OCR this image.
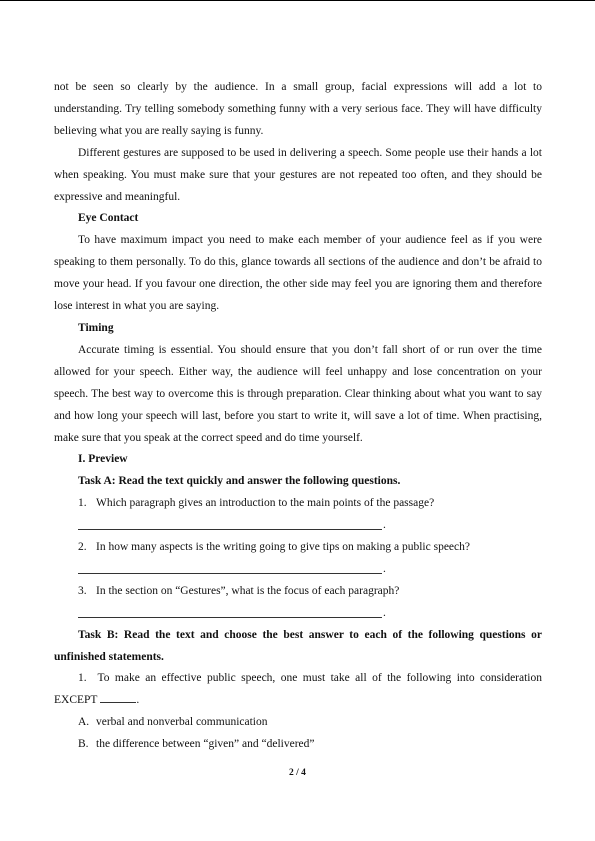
not be seen so clearly by the audience. In a small group, facial expressions will add a lot to understanding. Try telling somebody something funny with a very serious face. They will have difficulty believing what you are really saying is funny.

Different gestures are supposed to be used in delivering a speech. Some people use their hands a lot when speaking. You must make sure that your gestures are not repeated too often, and they should be expressive and meaningful.

Eye Contact

To have maximum impact you need to make each member of your audience feel as if you were speaking to them personally. To do this, glance towards all sections of the audience and don’t be afraid to move your head. If you favour one direction, the other side may feel you are ignoring them and therefore lose interest in what you are saying.

Timing

Accurate timing is essential. You should ensure that you don’t fall short of or run over the time allowed for your speech. Either way, the audience will feel unhappy and lose concentration on your speech. The best way to overcome this is through preparation. Clear thinking about what you want to say and how long your speech will last, before you start to write it, will save a lot of time. When practising, make sure that you speak at the correct speed and do time yourself.

I. Preview

Task A: Read the text quickly and answer the following questions.

1. Which paragraph gives an introduction to the main points of the passage?

.

2. In how many aspects is the writing going to give tips on making a public speech?

.

3. In the section on “Gestures”, what is the focus of each paragraph?

.

Task B: Read the text and choose the best answer to each of the following questions or unfinished statements.

1. To make an effective public speech, one must take all of the following into consideration EXCEPT	.

A. verbal and nonverbal communication

B. the difference between “given” and “delivered”

2 / 4
